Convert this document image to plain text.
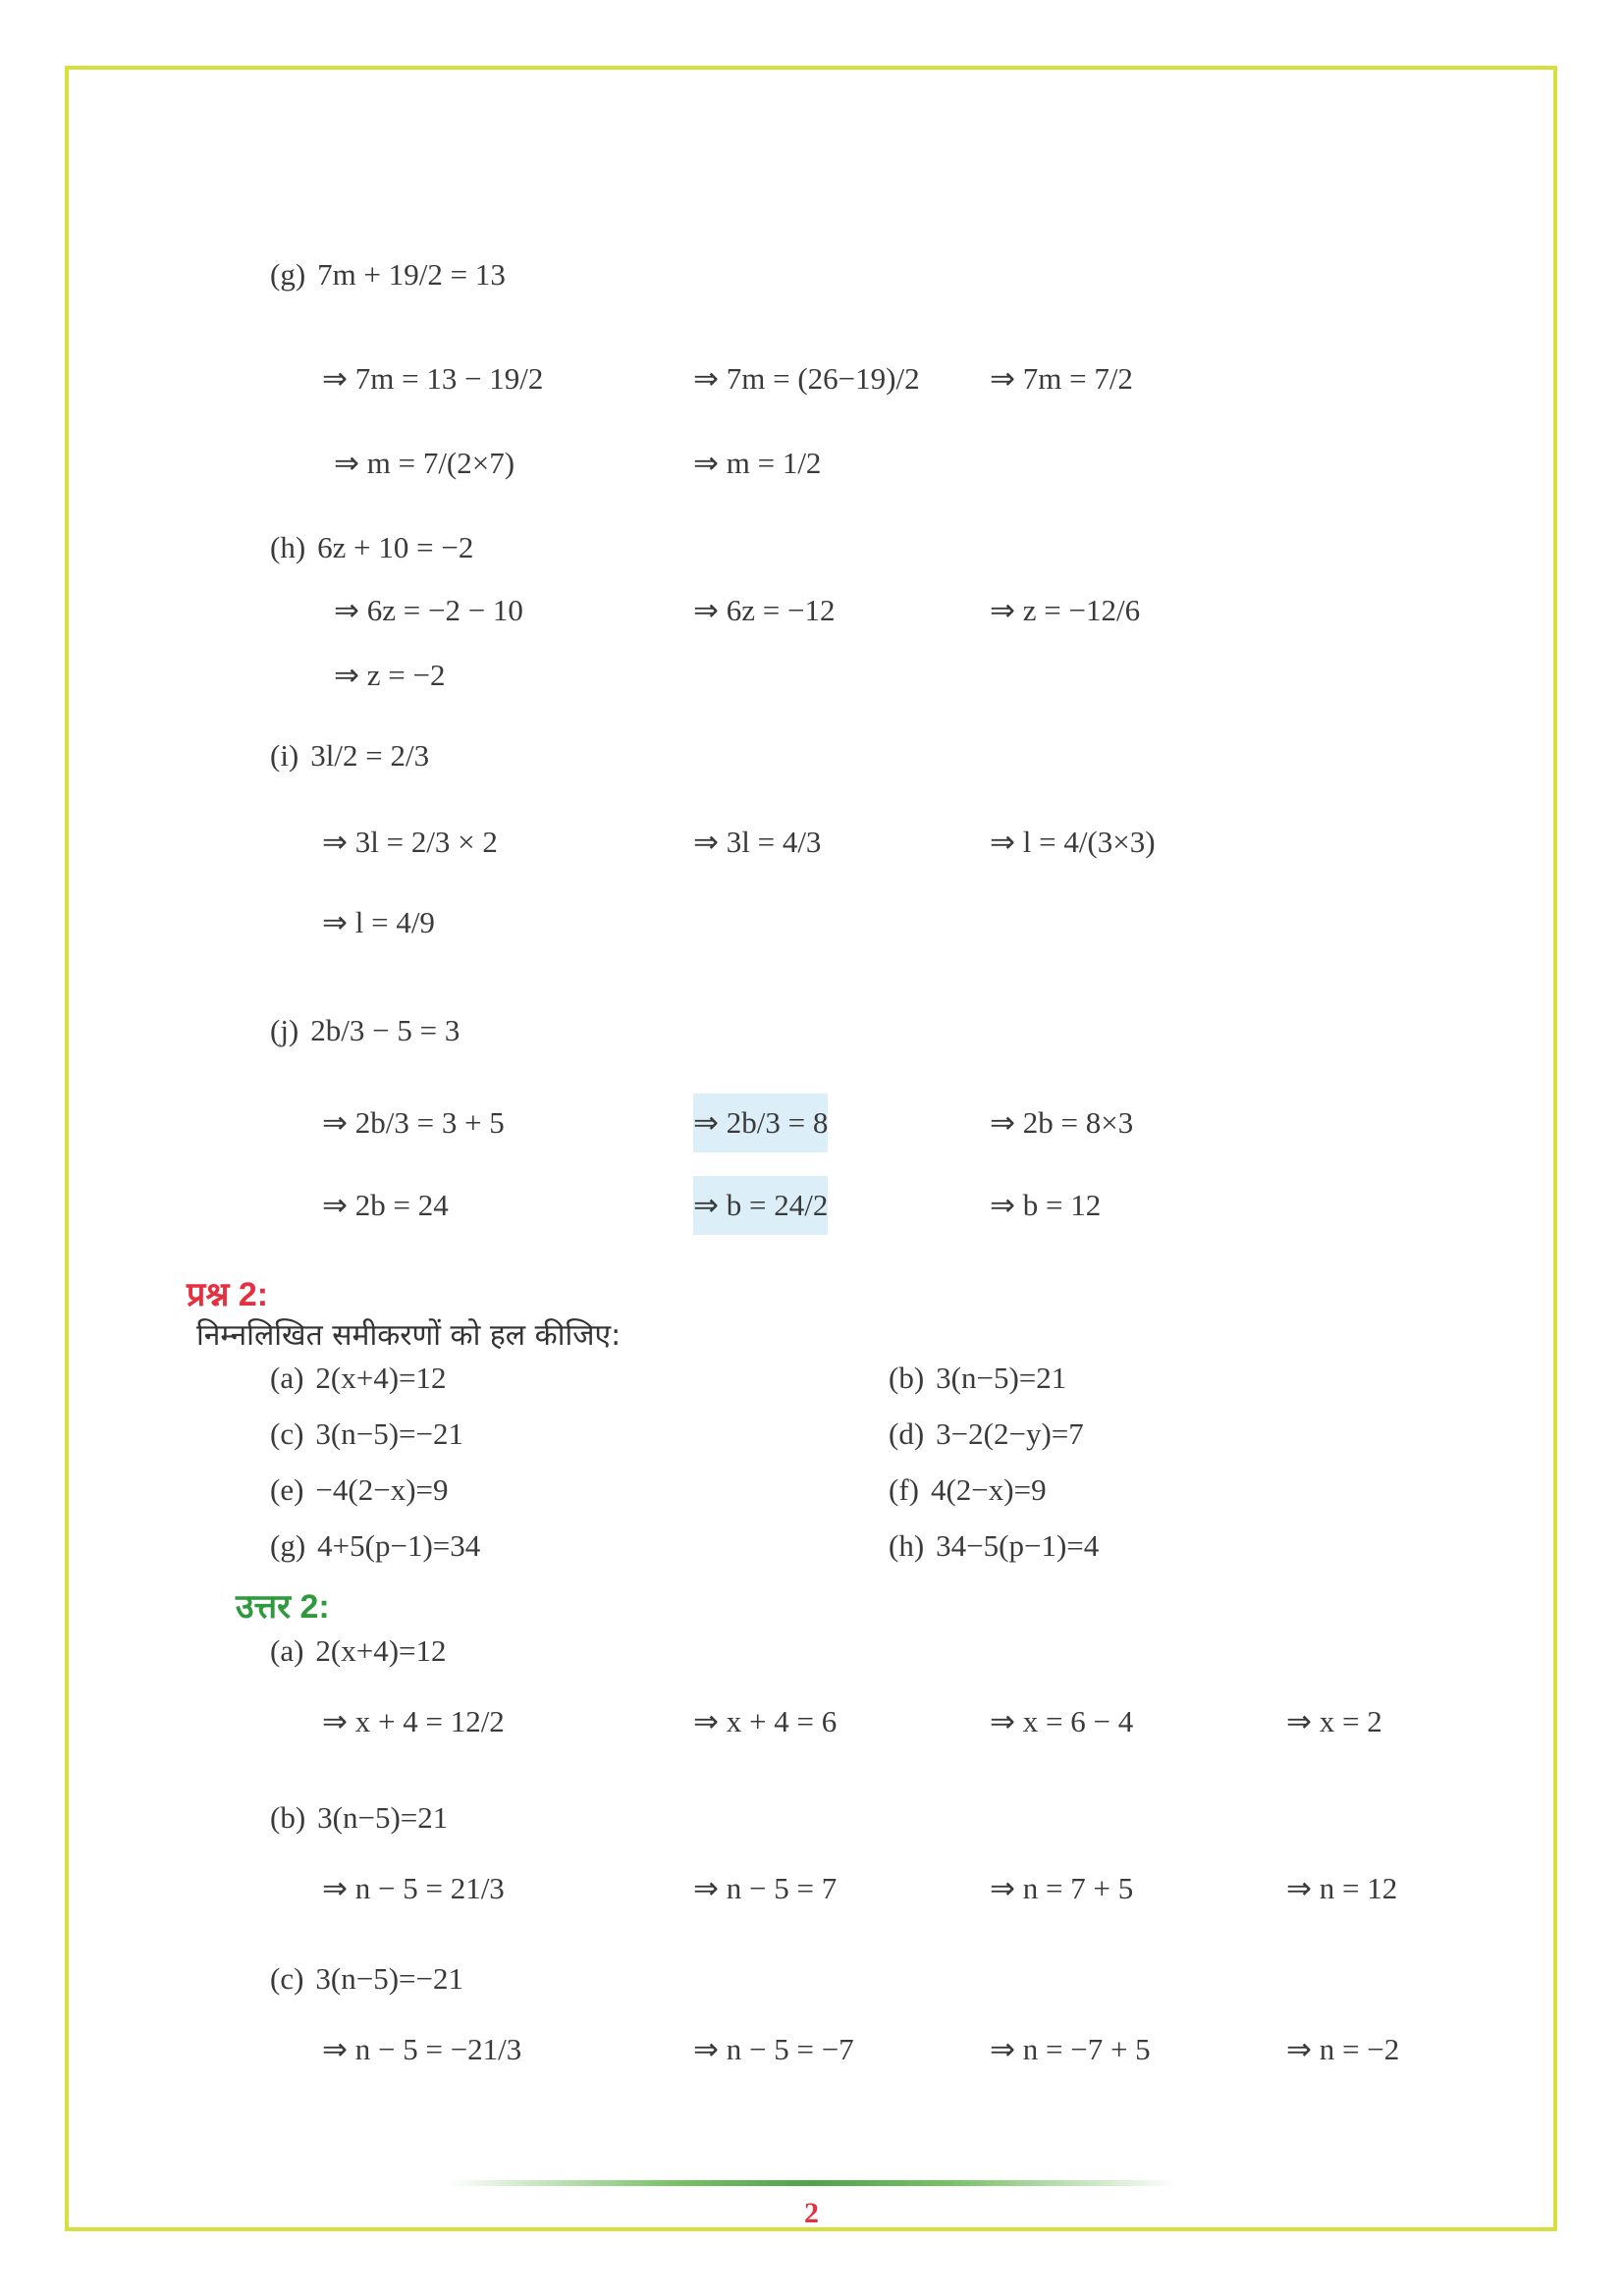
(g) 7m + 19/2 = 13
⇒ 7m = 13 − 19/2	⇒ 7m = (26−19)/2 ⇒ 7m = 7/2
⇒ m = 7/(2×7)	⇒ m = 1/2
(h) 6z + 10 = −2
⇒ 6z = −2 − 10	⇒ 6z = −12	⇒ z = −12/6
⇒ z = −2
(i) 3l/2 = 2/3
⇒ 3l = 2/3 × 2	⇒ 3l = 4/3	⇒ l = 4/(3×3)
⇒ l = 4/9
(j) 2b/3 − 5 = 3
⇒ 2b/3 = 3 + 5	⇒ 2b/3 = 8	⇒ 2b = 8×3
⇒ 2b = 24	⇒ b = 24/2	⇒ b = 12
प्रश्न 2:
निम्नलिखित समीकरणों को हल कीजिए:
(a) 2(x+4)=12	(b) 3(n−5)=21
(c) 3(n−5)=−21	(d) 3−2(2−y)=7
(e) −4(2−x)=9	(f) 4(2−x)=9
(g) 4+5(p−1)=34	(h) 34−5(p−1)=4
उत्तर 2:
(a) 2(x+4)=12
⇒ x + 4 = 12/2	⇒ x + 4 = 6	⇒ x = 6 − 4	⇒ x = 2
(b) 3(n−5)=21
⇒ n − 5 = 21/3	⇒ n − 5 = 7	⇒ n = 7 + 5	⇒ n = 12
(c) 3(n−5)=−21
⇒ n − 5 = −21/3	⇒ n − 5 = −7	⇒ n = −7 + 5	⇒ n = −2
2
